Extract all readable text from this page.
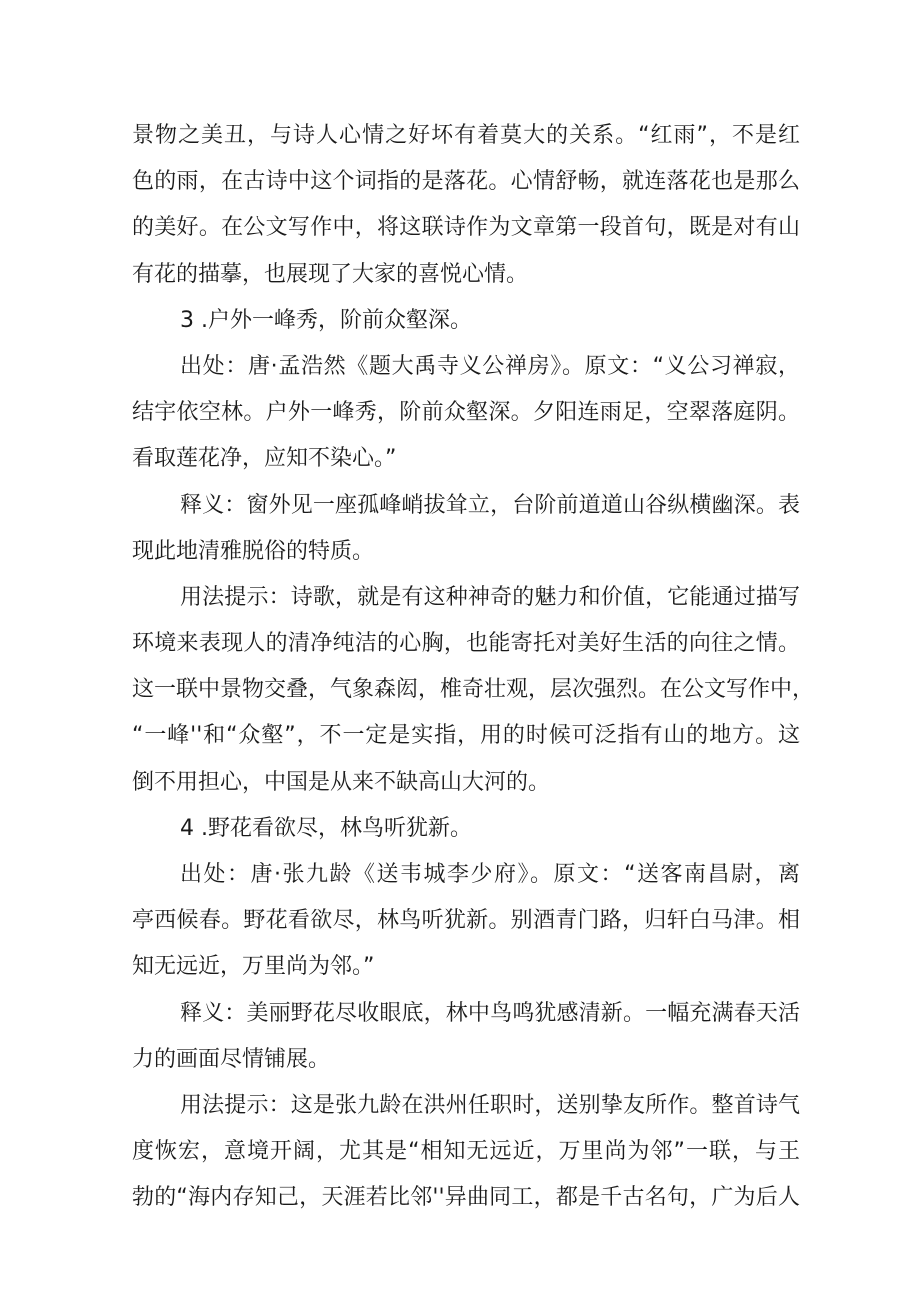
景物之美丑，与诗人心情之好坏有着莫大的关系。“红雨”，不是红
色的雨，在古诗中这个词指的是落花。心情舒畅，就连落花也是那么
的美好。在公文写作中，将这联诗作为文章第一段首句，既是对有山
有花的描摹，也展现了大家的喜悦心情。
3 .户外一峰秀，阶前众壑深。
出处：唐·孟浩然《题大禹寺义公禅房》。原文：“义公习禅寂，
结宇依空林。户外一峰秀，阶前众壑深。夕阳连雨足，空翠落庭阴。
看取莲花净，应知不染心。”
释义：窗外见一座孤峰峭拔耸立，台阶前道道山谷纵横幽深。表
现此地清雅脱俗的特质。
用法提示：诗歌，就是有这种神奇的魅力和价值，它能通过描写
环境来表现人的清净纯洁的心胸，也能寄托对美好生活的向往之情。
这一联中景物交叠，气象森闳，椎奇壮观，层次强烈。在公文写作中，
“一峰''和“众壑”，不一定是实指，用的时候可泛指有山的地方。这
倒不用担心，中国是从来不缺高山大河的。
4 .野花看欲尽，林鸟听犹新。
出处：唐·张九龄《送韦城李少府》。原文：“送客南昌尉，离
亭西候春。野花看欲尽，林鸟听犹新。别酒青门路，归轩白马津。相
知无远近，万里尚为邻。”
释义：美丽野花尽收眼底，林中鸟鸣犹感清新。一幅充满春天活
力的画面尽情铺展。
用法提示：这是张九龄在洪州任职时，送别挚友所作。整首诗气
度恢宏，意境开阔，尤其是“相知无远近，万里尚为邻”一联，与王
勃的“海内存知己，天涯若比邻''异曲同工，都是千古名句，广为后人
